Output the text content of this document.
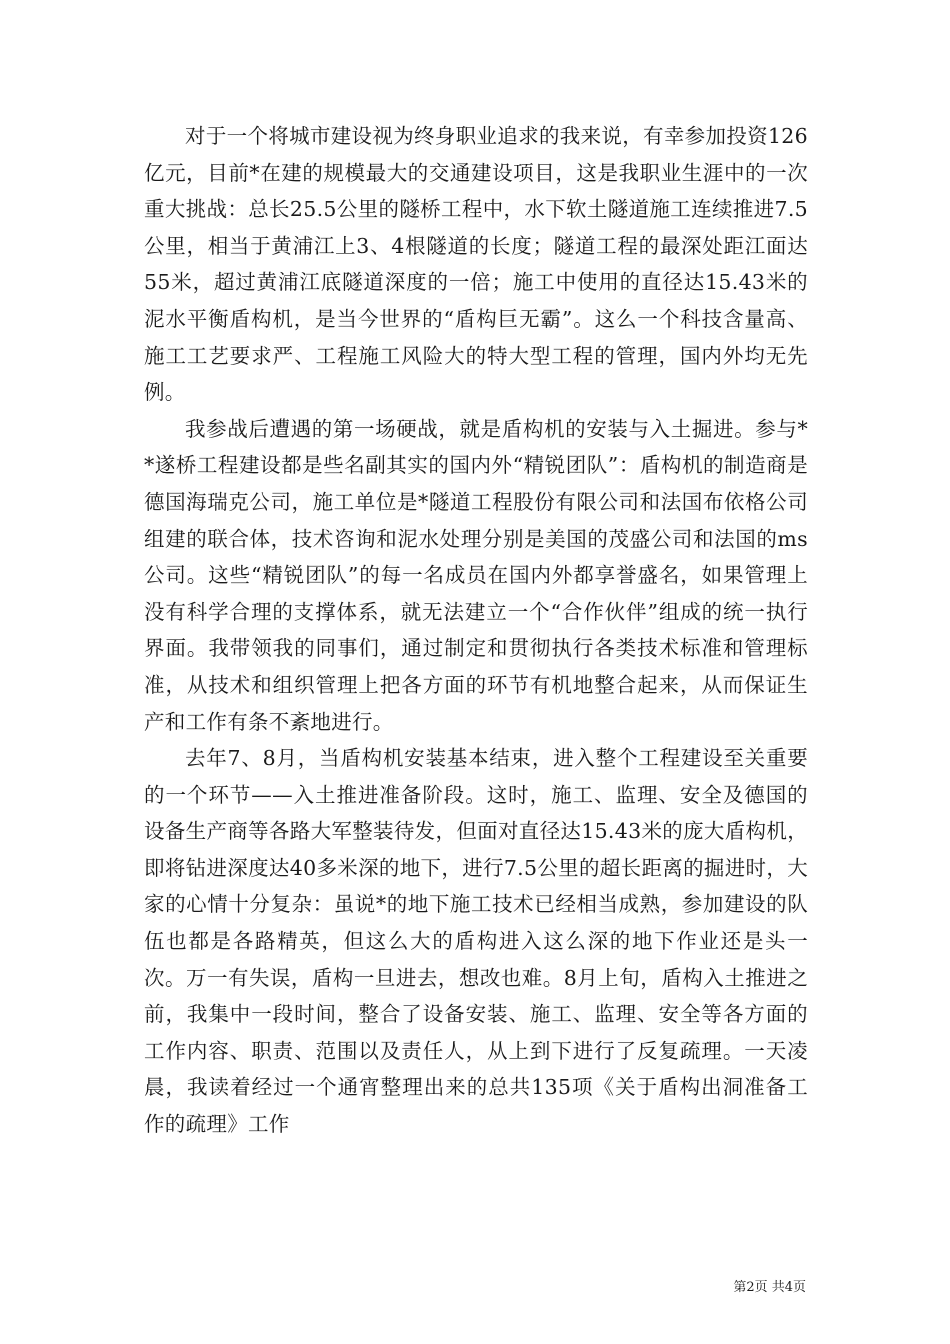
对于一个将城市建设视为终身职业追求的我来说，有幸参加投资126亿元，目前*在建的规模最大的交通建设项目，这是我职业生涯中的一次重大挑战：总长25.5公里的隧桥工程中，水下软土隧道施工连续推进7.5公里，相当于黄浦江上3、4根隧道的长度；隧道工程的最深处距江面达55米，超过黄浦江底隧道深度的一倍；施工中使用的直径达15.43米的泥水平衡盾构机，是当今世界的“盾构巨无霸”。这么一个科技含量高、施工工艺要求严、工程施工风险大的特大型工程的管理，国内外均无先例。

我参战后遭遇的第一场硬战，就是盾构机的安装与入土掘进。参与**遂桥工程建设都是些名副其实的国内外“精锐团队”：盾构机的制造商是德国海瑞克公司，施工单位是*隧道工程股份有限公司和法国布依格公司组建的联合体，技术咨询和泥水处理分别是美国的茂盛公司和法国的ms公司。这些“精锐团队”的每一名成员在国内外都享誉盛名，如果管理上没有科学合理的支撑体系，就无法建立一个“合作伙伴”组成的统一执行界面。我带领我的同事们，通过制定和贯彻执行各类技术标准和管理标准，从技术和组织管理上把各方面的环节有机地整合起来，从而保证生产和工作有条不紊地进行。

去年7、8月，当盾构机安装基本结束，进入整个工程建设至关重要的一个环节——入土推进准备阶段。这时，施工、监理、安全及德国的设备生产商等各路大军整装待发，但面对直径达15.43米的庞大盾构机，即将钻进深度达40多米深的地下，进行7.5公里的超长距离的掘进时，大家的心情十分复杂：虽说*的地下施工技术已经相当成熟，参加建设的队伍也都是各路精英，但这么大的盾构进入这么深的地下作业还是头一次。万一有失误，盾构一旦进去，想改也难。8月上旬，盾构入土推进之前，我集中一段时间，整合了设备安装、施工、监理、安全等各方面的工作内容、职责、范围以及责任人，从上到下进行了反复疏理。一天凌晨，我读着经过一个通宵整理出来的总共135项《关于盾构出洞准备工作的疏理》工作

第2页 共4页
